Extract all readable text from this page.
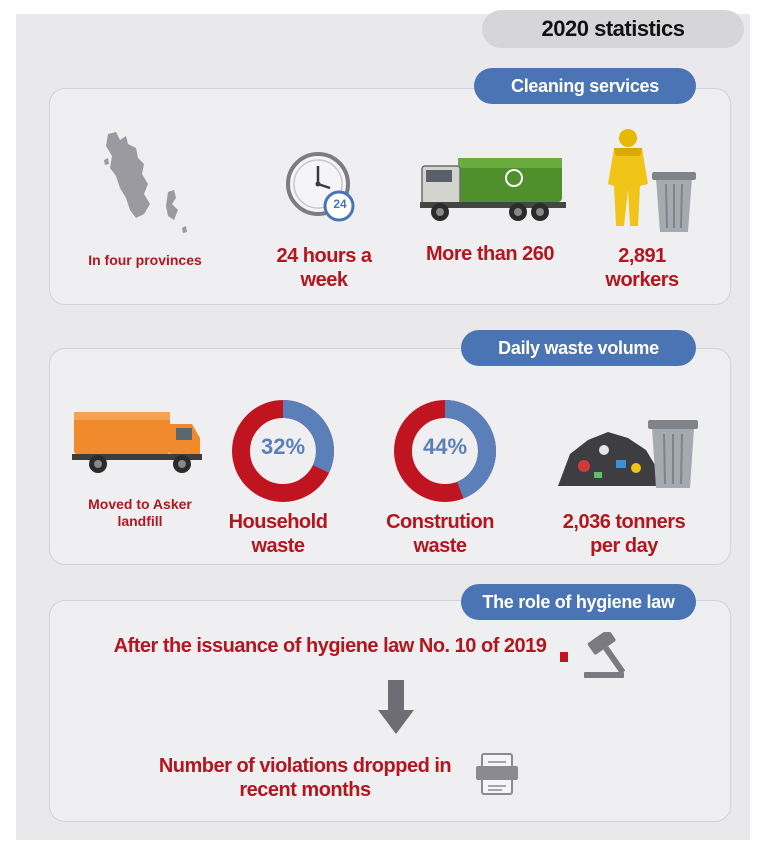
2020 statistics
Cleaning services
In four provinces
24
24 hours a week
More than 260	2,891 workers
Daily waste volume
Moved to Asker landfill
32%
Household waste
44%
Constrution waste
2,036 tonners per day
The role of hygiene law
After the issuance of hygiene law No. 10 of 2019
Number of violations dropped in recent months
